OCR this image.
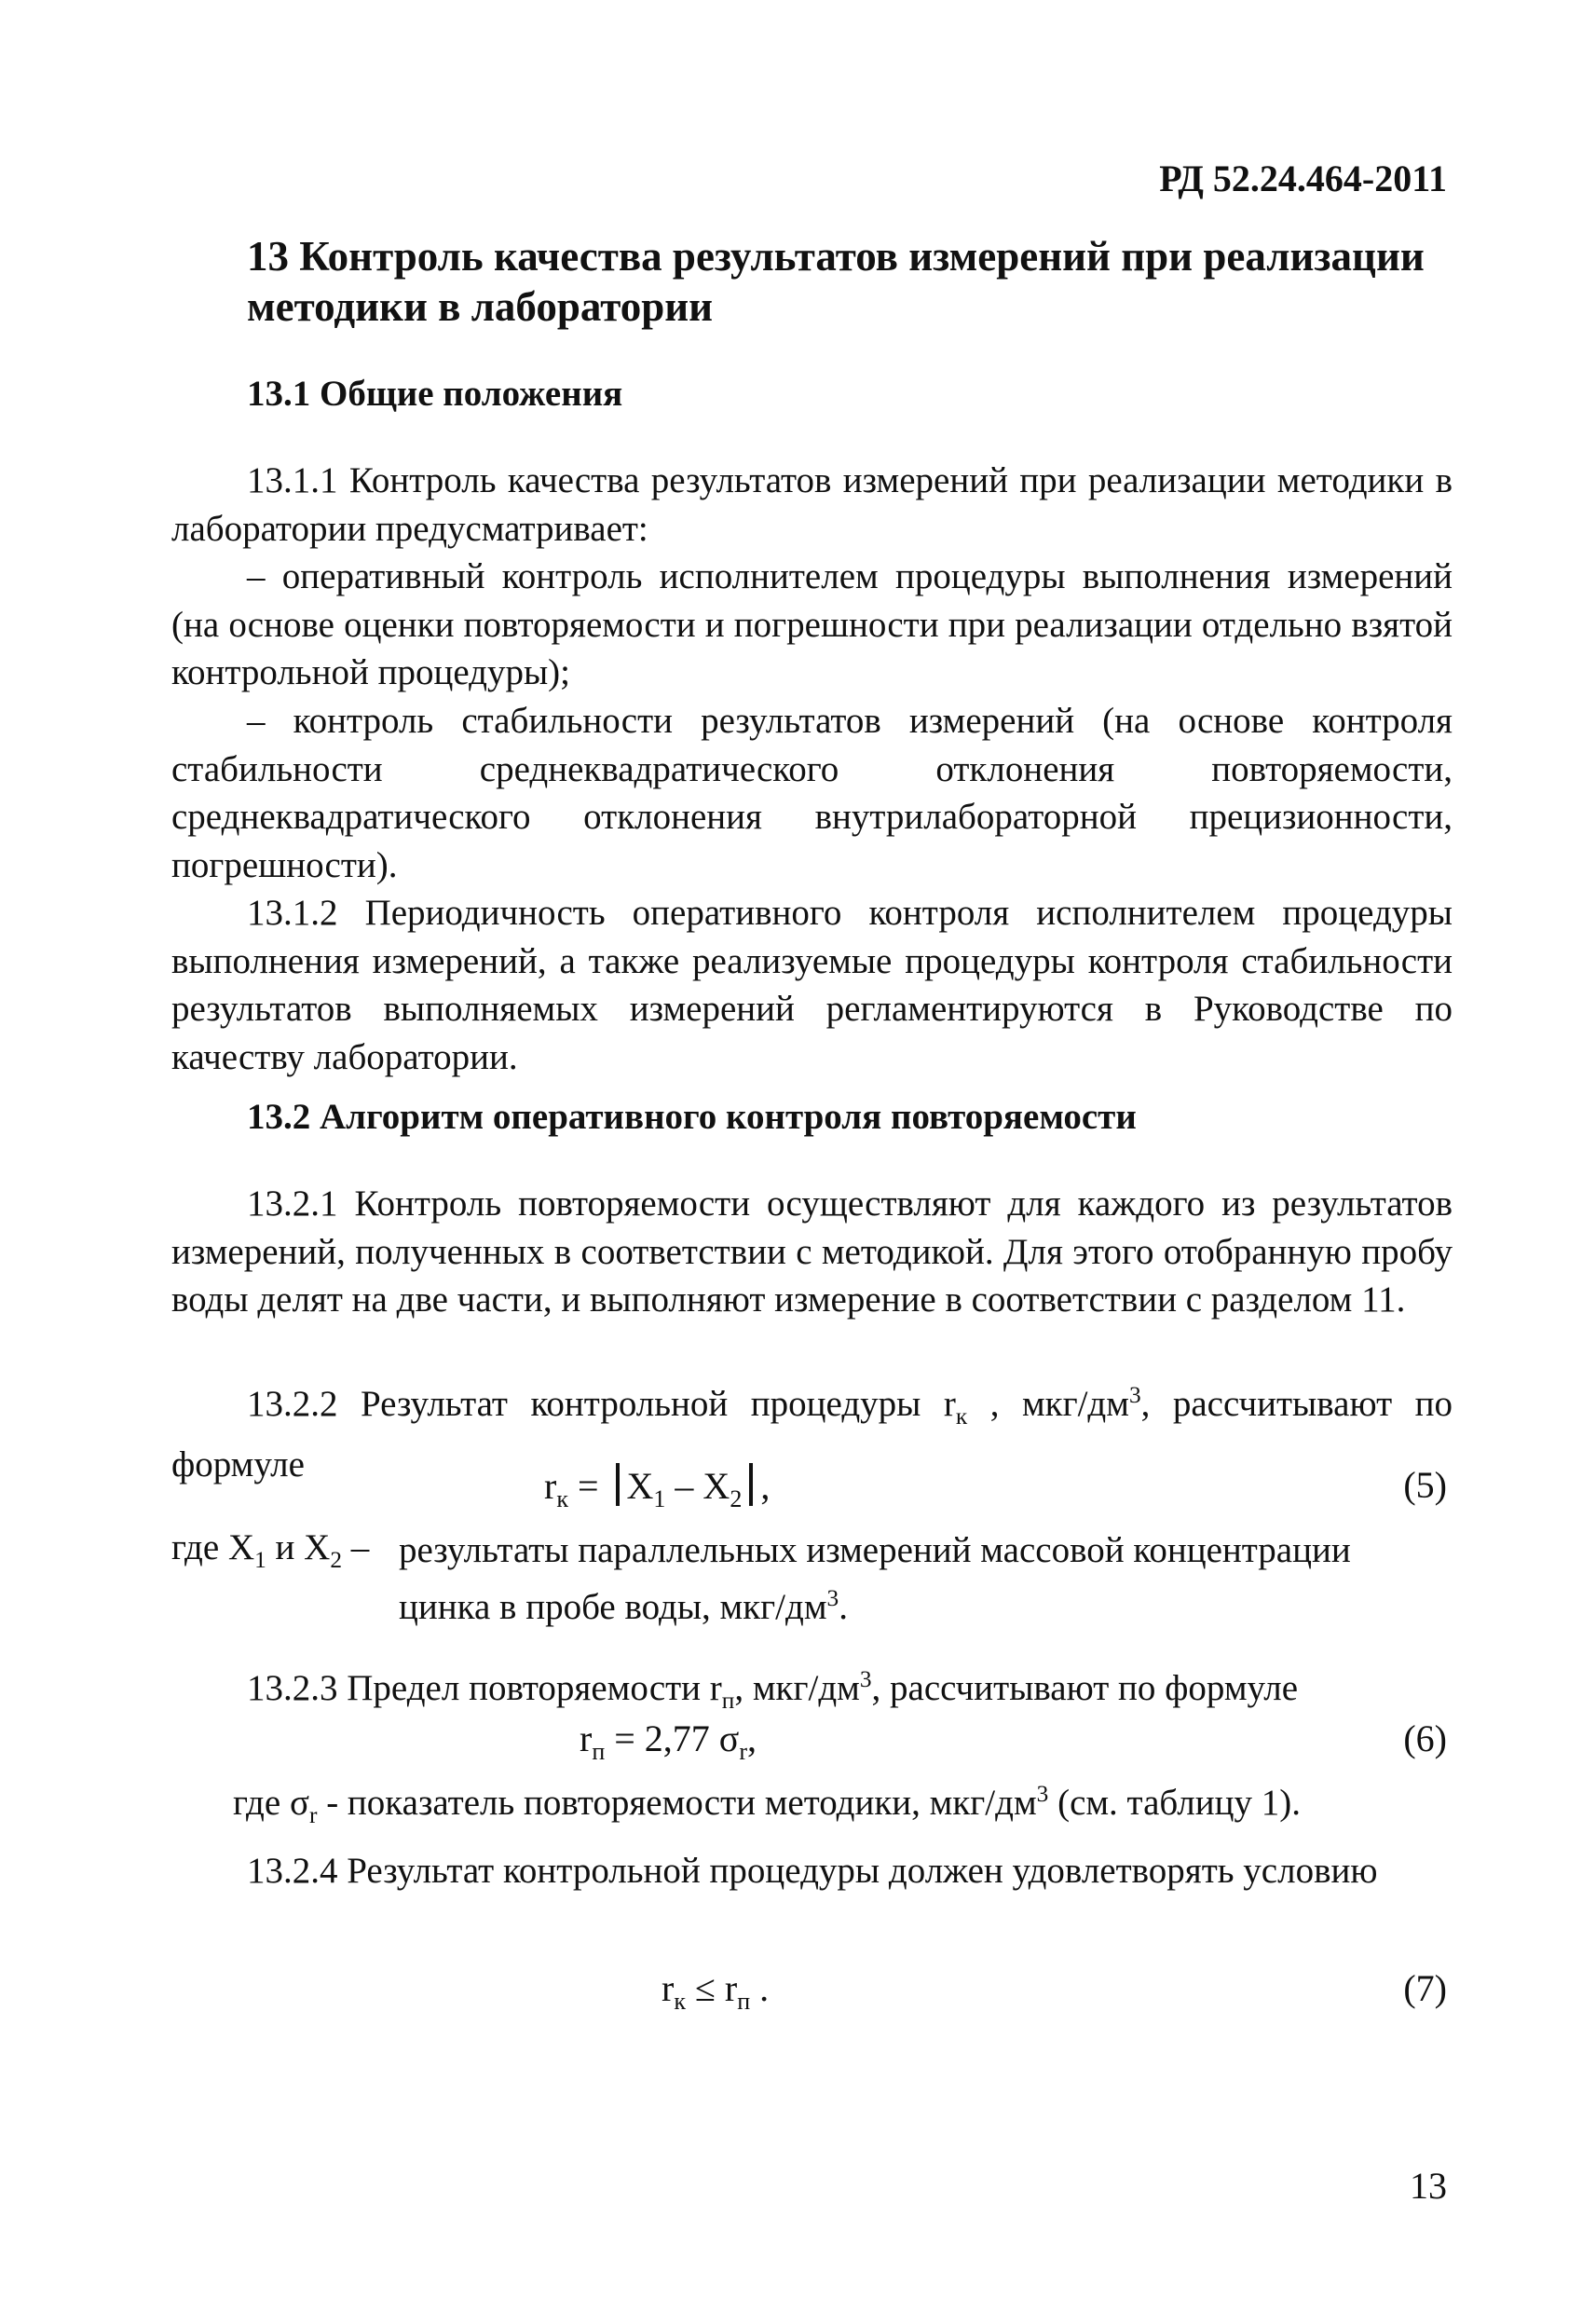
РД 52.24.464-2011
13 Контроль качества результатов измерений при реализации методики в лаборатории
13.1 Общие положения

13.1.1 Контроль качества результатов измерений при реализации методики в лаборатории предусматривает:

– оперативный контроль исполнителем процедуры выполнения измерений (на основе оценки повторяемости и погрешности при реализации отдельно взятой контрольной процедуры);

– контроль стабильности результатов измерений (на основе контроля стабильности среднеквадратического отклонения повторяемости, среднеквадратического отклонения внутрилабораторной прецизионности, погрешности).

13.1.2 Периодичность оперативного контроля исполнителем процедуры выполнения измерений, а также реализуемые процедуры контроля стабильности результатов выполняемых измерений регламентируются в Руководстве по качеству лаборатории.

13.2 Алгоритм оперативного контроля повторяемости

13.2.1 Контроль повторяемости осуществляют для каждого из результатов измерений, полученных в соответствии с методикой. Для этого отобранную пробу воды делят на две части, и выполняют измерение в соответствии с разделом 11.

13.2.2 Результат контрольной процедуры $r_к$ , мкг/$дм^3$, рассчитывают по формуле

$r_к = X_1 - X_2$ ,	(5)
где $X_1$ и $X_2$ – результаты параллельных измерений массовой концентрации
цинка в пробе воды, мкг/$дм^3$.

13.2.3 Предел повторяемости $r_п$, мкг/$дм^3$, рассчитывают по формуле

$r_п = 2,77$ $\sigma_r$,	(6)
где $\sigma_r$ - показатель повторяемости методики, мкг/$дм^3$ (см. таблицу 1).

13.2.4 Результат контрольной процедуры должен удовлетворять условию

$r_к \le r_п$ .	(7)
13
